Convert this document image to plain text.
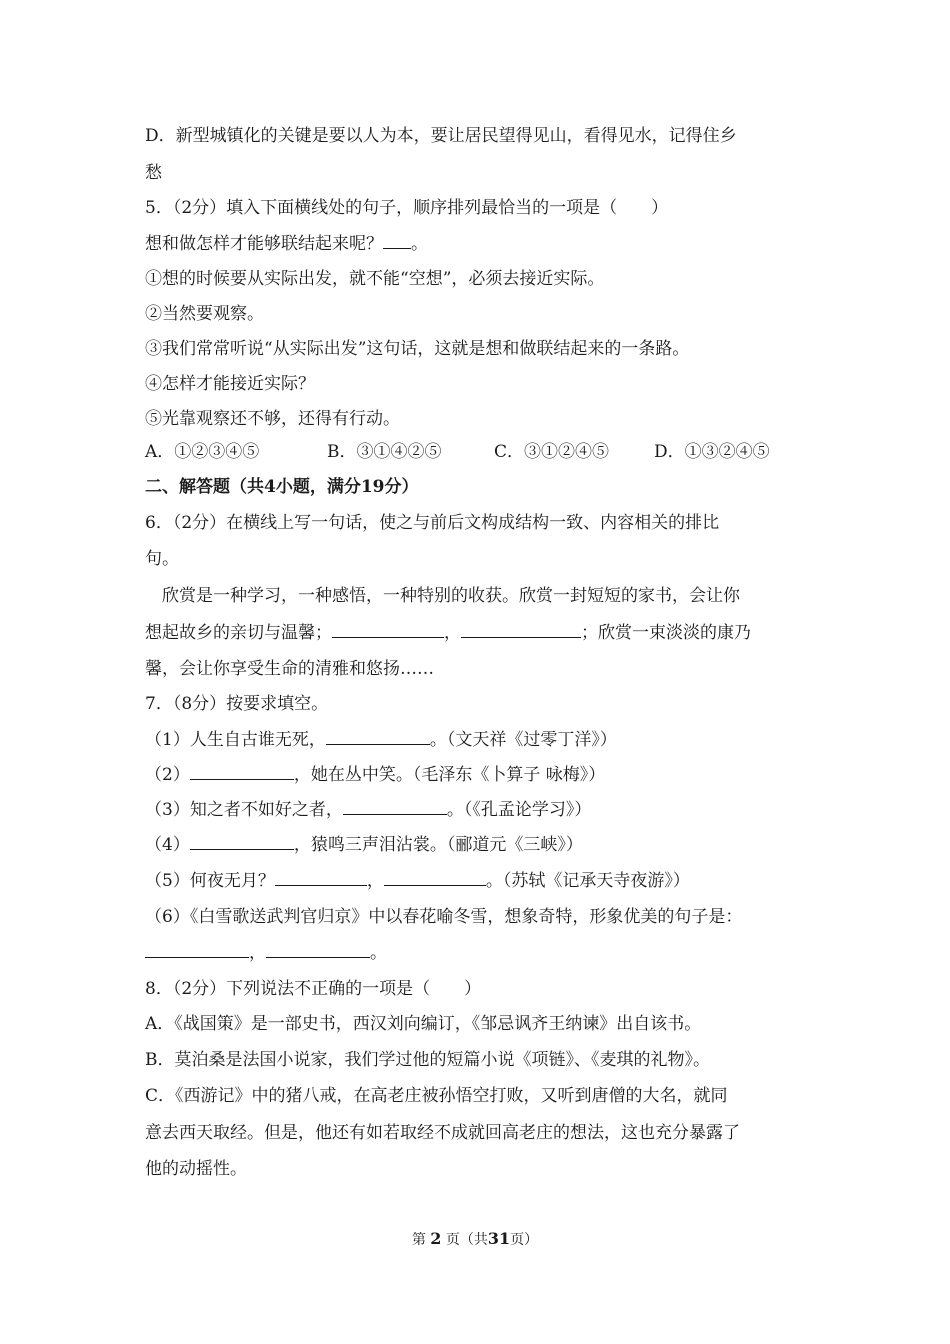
D．新型城镇化的关键是要以人为本，要让居民望得见山，看得见水，记得住乡
愁
5．（2分）填入下面横线处的句子，顺序排列最恰当的一项是（　　）
想和做怎样才能够联结起来呢？ 。
①想的时候要从实际出发，就不能“空想”，必须去接近实际。
②当然要观察。
③我们常常听说“从实际出发”这句话，这就是想和做联结起来的一条路。
④怎样才能接近实际？
⑤光靠观察还不够，还得有行动。
A．①②③④⑤	B．③①④②⑤	C．③①②④⑤	D．①③②④⑤
二、解答题（共4小题，满分19分）
6．（2分）在横线上写一句话，使之与前后文构成结构一致、内容相关的排比
句。
欣赏是一种学习，一种感悟，一种特别的收获。欣赏一封短短的家书，会让你
想起故乡的亲切与温馨；	，	；欣赏一束淡淡的康乃
馨，会让你享受生命的清雅和悠扬……
7．（8分）按要求填空。
（1）人生自古谁无死，	。（文天祥《过零丁洋》）
（2）	，她在丛中笑。（毛泽东《卜算子 咏梅》）
（3）知之者不如好之者，	。（《孔孟论学习》）
（4）	，猿鸣三声泪沾裳。（郦道元《三峡》）
（5）何夜无月？	，	。（苏轼《记承天寺夜游》）
（6）《白雪歌送武判官归京》中以春花喻冬雪，想象奇特，形象优美的句子是：
，	。
8．（2分）下列说法不正确的一项是（　　）
A．《战国策》是一部史书，西汉刘向编订，《邹忌讽齐王纳谏》出自该书。
B．莫泊桑是法国小说家，我们学过他的短篇小说《项链》、《麦琪的礼物》。
C．《西游记》中的猪八戒，在高老庄被孙悟空打败，又听到唐僧的大名，就同
意去西天取经。但是，他还有如若取经不成就回高老庄的想法，这也充分暴露了
他的动摇性。
第 2 页（共31页）
